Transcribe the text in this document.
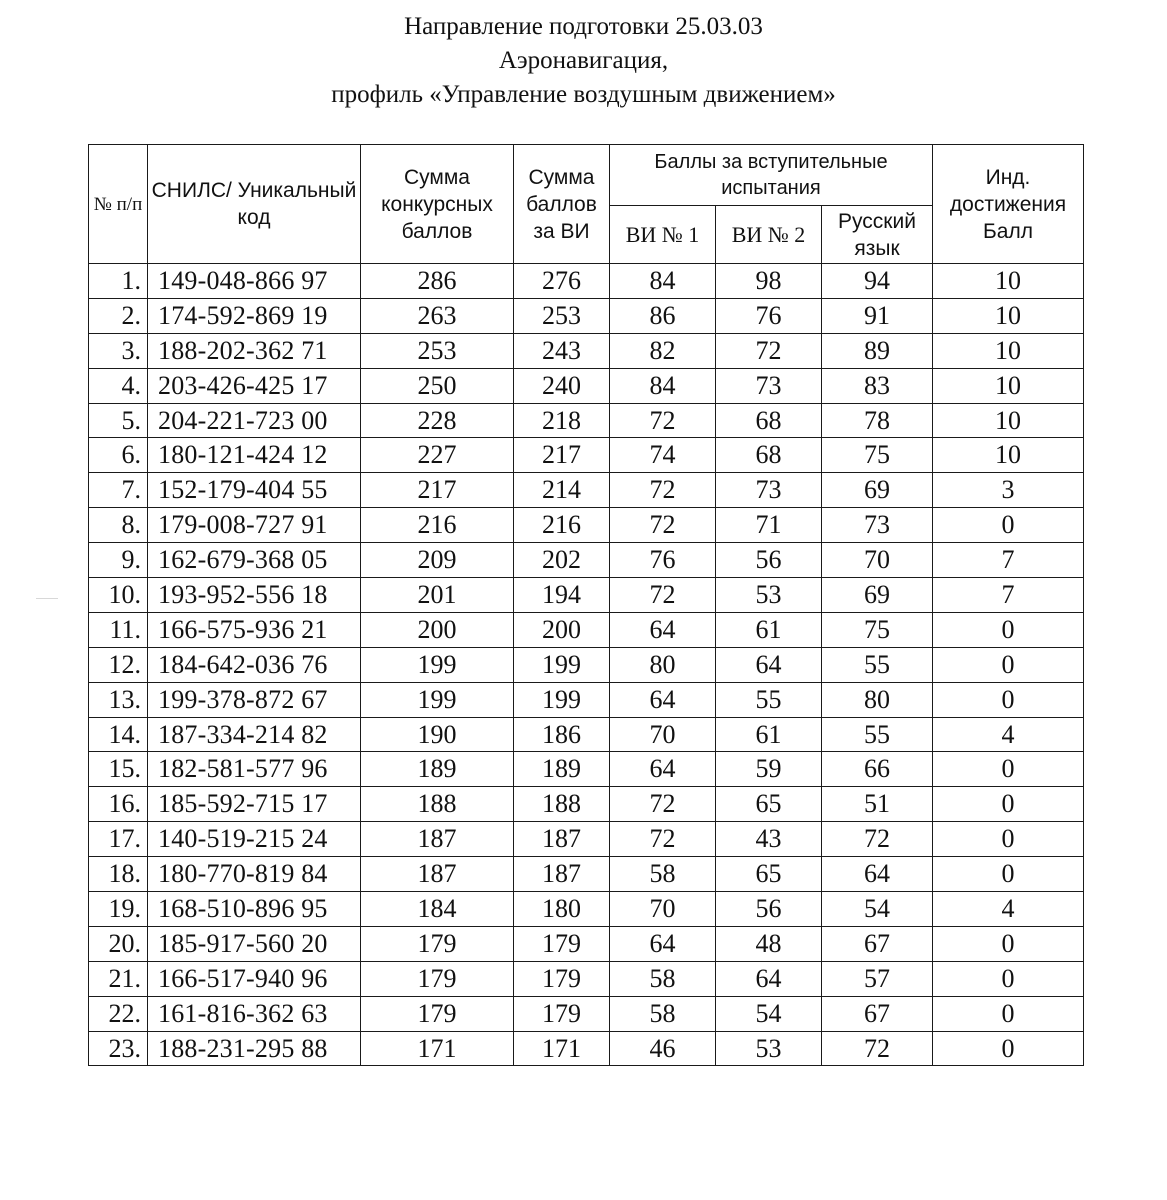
Направление подготовки 25.03.03
Аэронавигация,
профиль «Управление воздушным движением»
№ п/п	СНИЛС/ Уникальный код	Сумма конкурсных баллов	Сумма баллов за ВИ	Баллы за вступительные испытания			Инд. достижения Балл
				ВИ № 1	ВИ № 2	Русский язык	
1.	149-048-866 97	286	276	84	98	94	10
2.	174-592-869 19	263	253	86	76	91	10
3.	188-202-362 71	253	243	82	72	89	10
4.	203-426-425 17	250	240	84	73	83	10
5.	204-221-723 00	228	218	72	68	78	10
6.	180-121-424 12	227	217	74	68	75	10
7.	152-179-404 55	217	214	72	73	69	3
8.	179-008-727 91	216	216	72	71	73	0
9.	162-679-368 05	209	202	76	56	70	7
10.	193-952-556 18	201	194	72	53	69	7
11.	166-575-936 21	200	200	64	61	75	0
12.	184-642-036 76	199	199	80	64	55	0
13.	199-378-872 67	199	199	64	55	80	0
14.	187-334-214 82	190	186	70	61	55	4
15.	182-581-577 96	189	189	64	59	66	0
16.	185-592-715 17	188	188	72	65	51	0
17.	140-519-215 24	187	187	72	43	72	0
18.	180-770-819 84	187	187	58	65	64	0
19.	168-510-896 95	184	180	70	56	54	4
20.	185-917-560 20	179	179	64	48	67	0
21.	166-517-940 96	179	179	58	64	57	0
22.	161-816-362 63	179	179	58	54	67	0
23.	188-231-295 88	171	171	46	53	72	0
